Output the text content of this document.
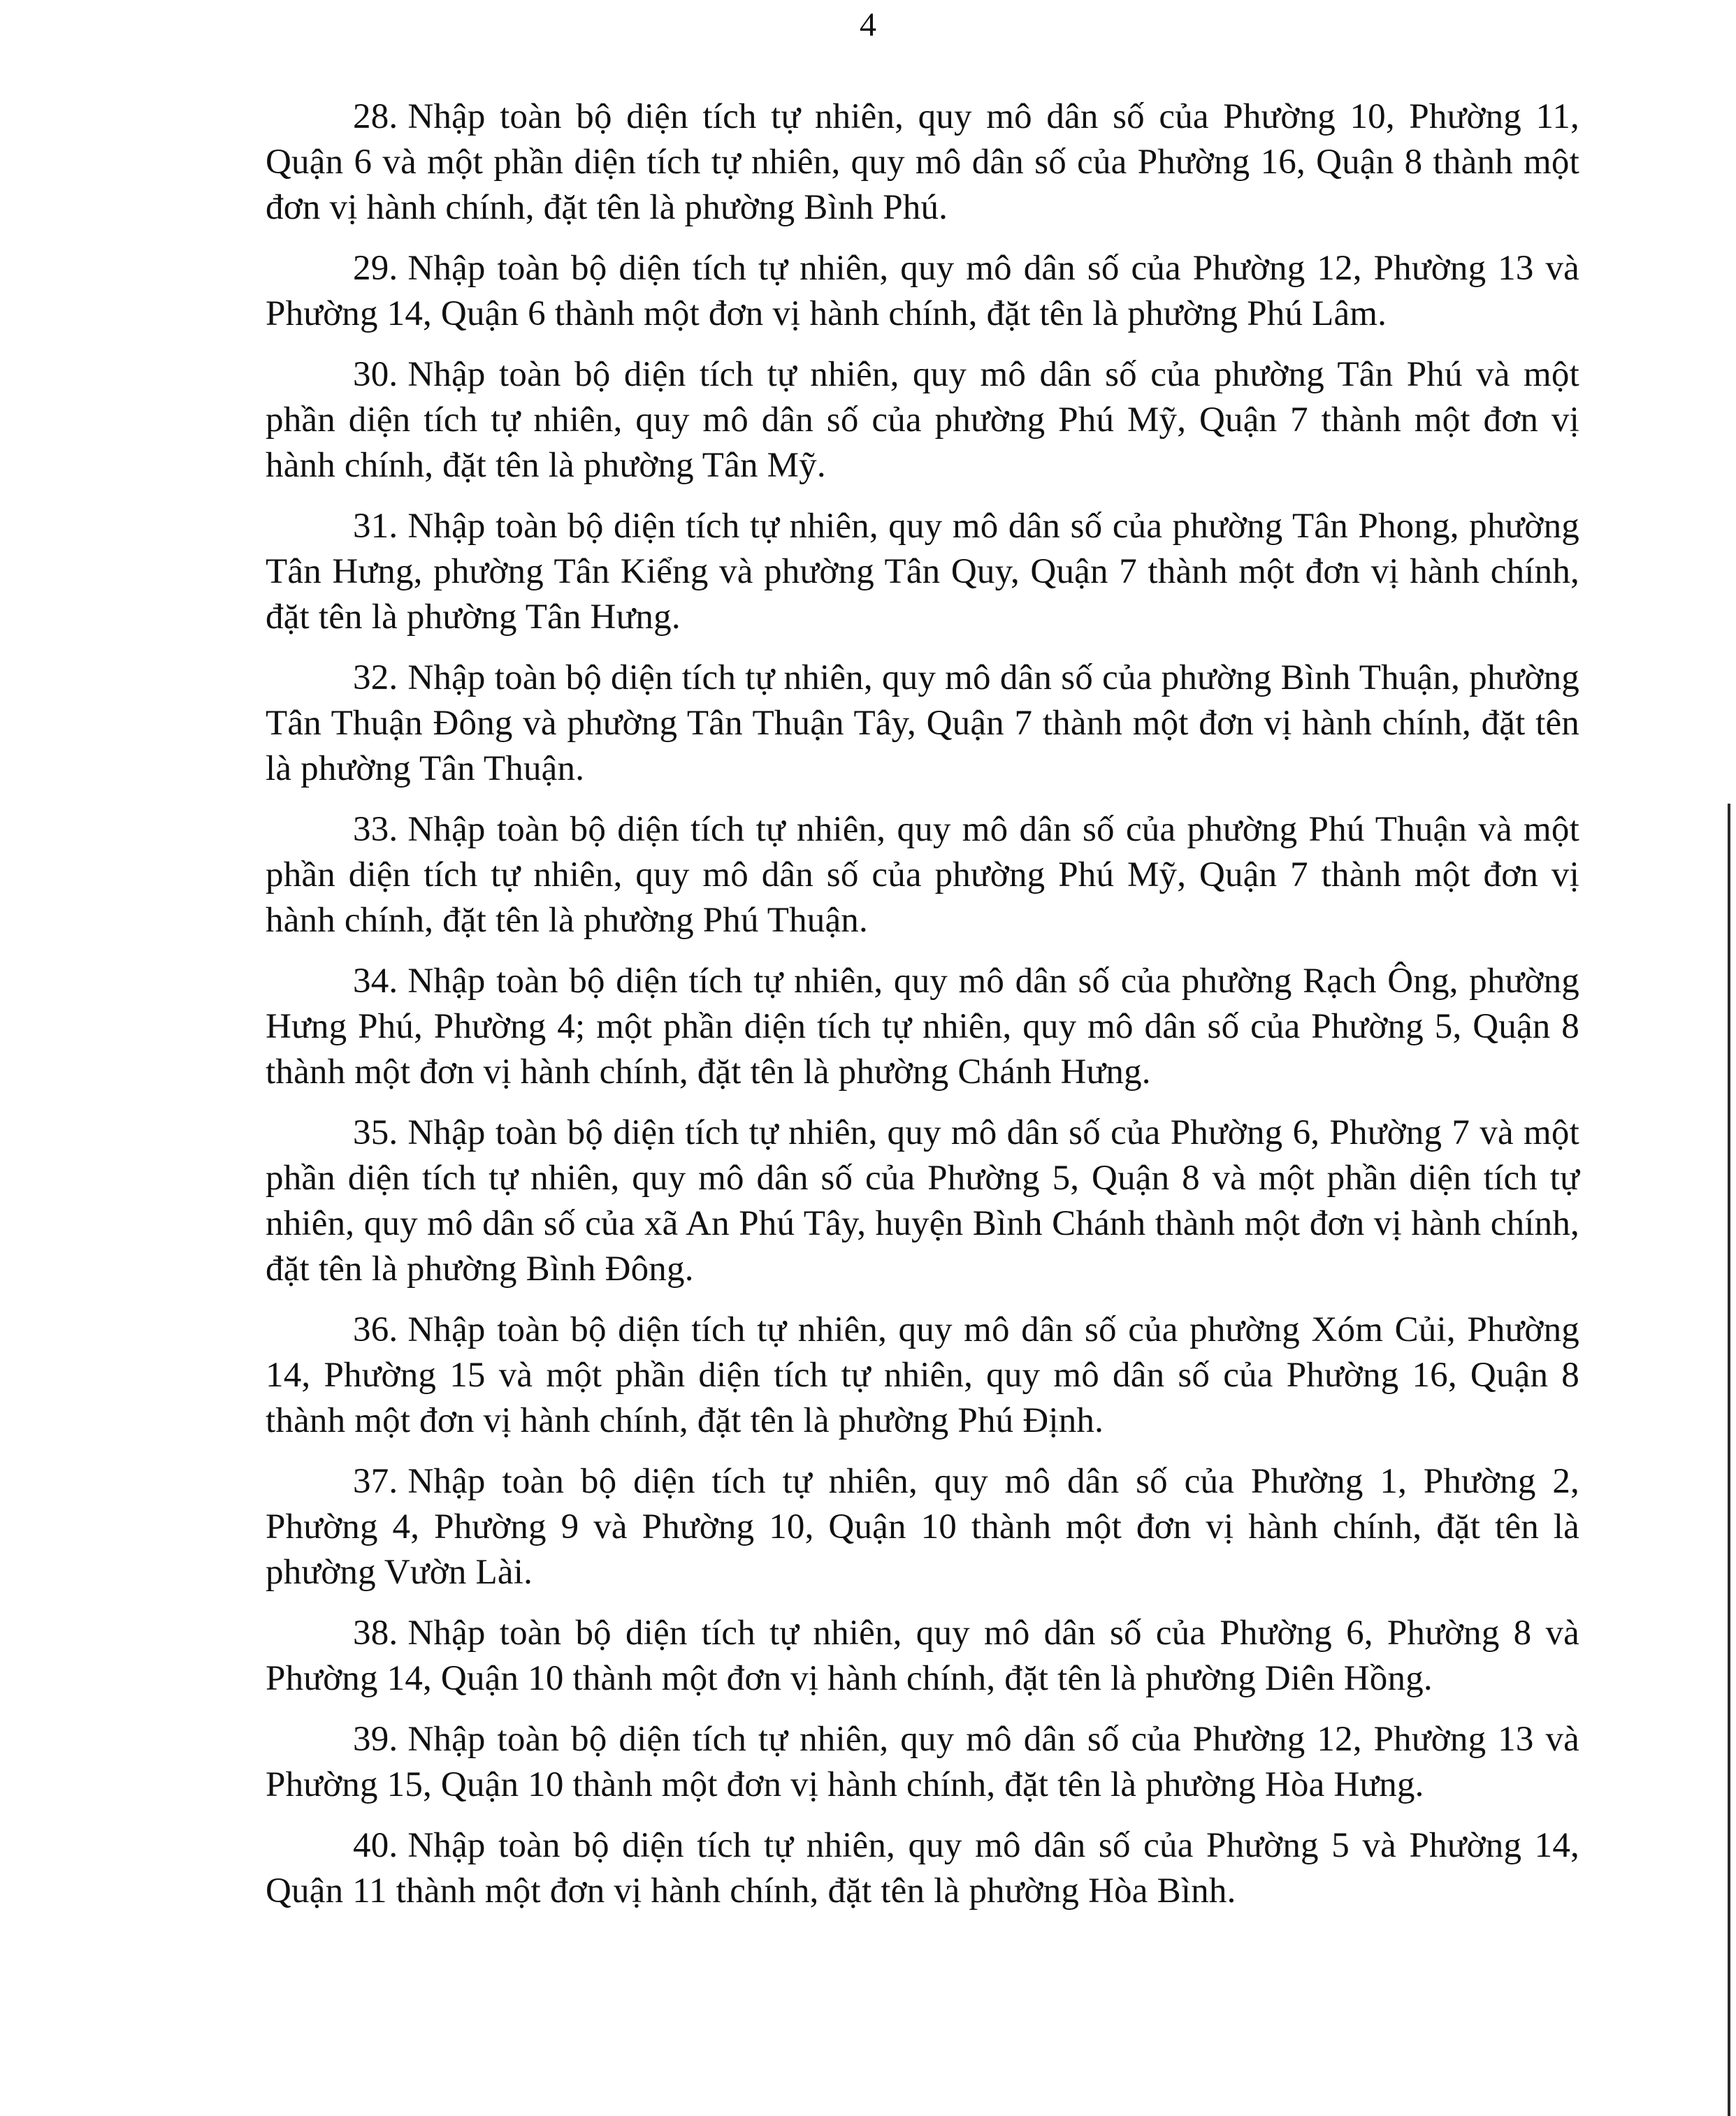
4

28. Nhập toàn bộ diện tích tự nhiên, quy mô dân số của Phường 10, Phường 11, Quận 6 và một phần diện tích tự nhiên, quy mô dân số của Phường 16, Quận 8 thành một đơn vị hành chính, đặt tên là phường Bình Phú.

29. Nhập toàn bộ diện tích tự nhiên, quy mô dân số của Phường 12, Phường 13 và Phường 14, Quận 6 thành một đơn vị hành chính, đặt tên là phường Phú Lâm.

30. Nhập toàn bộ diện tích tự nhiên, quy mô dân số của phường Tân Phú và một phần diện tích tự nhiên, quy mô dân số của phường Phú Mỹ, Quận 7 thành một đơn vị hành chính, đặt tên là phường Tân Mỹ.

31. Nhập toàn bộ diện tích tự nhiên, quy mô dân số của phường Tân Phong, phường Tân Hưng, phường Tân Kiểng và phường Tân Quy, Quận 7 thành một đơn vị hành chính, đặt tên là phường Tân Hưng.

32. Nhập toàn bộ diện tích tự nhiên, quy mô dân số của phường Bình Thuận, phường Tân Thuận Đông và phường Tân Thuận Tây, Quận 7 thành một đơn vị hành chính, đặt tên là phường Tân Thuận.

33. Nhập toàn bộ diện tích tự nhiên, quy mô dân số của phường Phú Thuận và một phần diện tích tự nhiên, quy mô dân số của phường Phú Mỹ, Quận 7 thành một đơn vị hành chính, đặt tên là phường Phú Thuận.

34. Nhập toàn bộ diện tích tự nhiên, quy mô dân số của phường Rạch Ông, phường Hưng Phú, Phường 4; một phần diện tích tự nhiên, quy mô dân số của Phường 5, Quận 8 thành một đơn vị hành chính, đặt tên là phường Chánh Hưng.

35. Nhập toàn bộ diện tích tự nhiên, quy mô dân số của Phường 6, Phường 7 và một phần diện tích tự nhiên, quy mô dân số của Phường 5, Quận 8 và một phần diện tích tự nhiên, quy mô dân số của xã An Phú Tây, huyện Bình Chánh thành một đơn vị hành chính, đặt tên là phường Bình Đông.

36. Nhập toàn bộ diện tích tự nhiên, quy mô dân số của phường Xóm Củi, Phường 14, Phường 15 và một phần diện tích tự nhiên, quy mô dân số của Phường 16, Quận 8 thành một đơn vị hành chính, đặt tên là phường Phú Định.

37. Nhập toàn bộ diện tích tự nhiên, quy mô dân số của Phường 1, Phường 2, Phường 4, Phường 9 và Phường 10, Quận 10 thành một đơn vị hành chính, đặt tên là phường Vườn Lài.

38. Nhập toàn bộ diện tích tự nhiên, quy mô dân số của Phường 6, Phường 8 và Phường 14, Quận 10 thành một đơn vị hành chính, đặt tên là phường Diên Hồng.

39. Nhập toàn bộ diện tích tự nhiên, quy mô dân số của Phường 12, Phường 13 và Phường 15, Quận 10 thành một đơn vị hành chính, đặt tên là phường Hòa Hưng.

40. Nhập toàn bộ diện tích tự nhiên, quy mô dân số của Phường 5 và Phường 14, Quận 11 thành một đơn vị hành chính, đặt tên là phường Hòa Bình.
